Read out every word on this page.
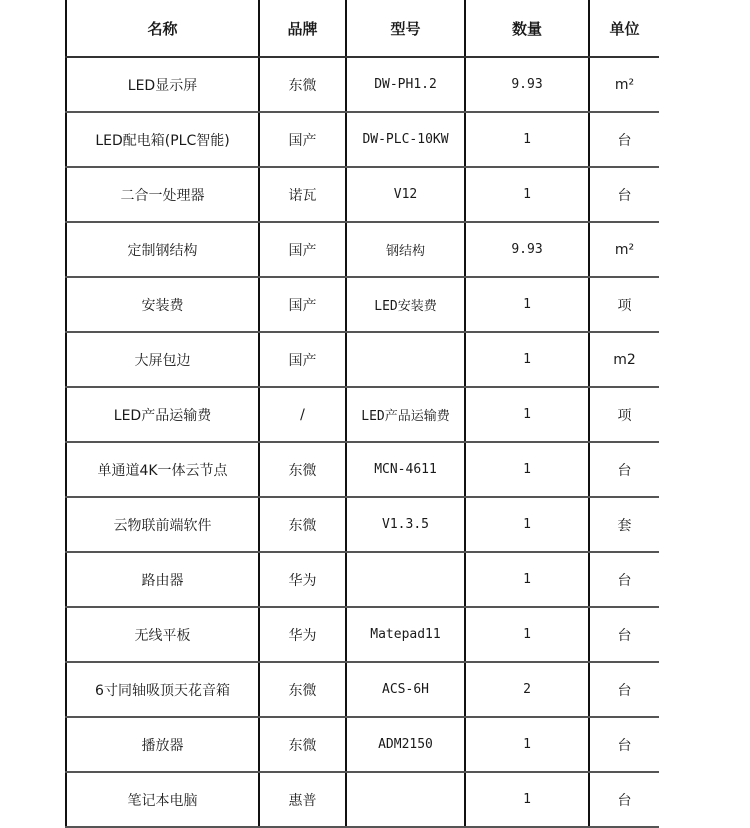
名称	品牌	型号	数量	单位
LED显示屏	东微	DW-PH1.2	9.93	m²
LED配电箱(PLC智能)	国产	DW-PLC-10KW	1	台
二合一处理器	诺瓦	V12	1	台
定制钢结构	国产	钢结构	9.93	m²
安装费	国产	LED安装费	1	项
大屏包边	国产		1	m2
LED产品运输费	/	LED产品运输费	1	项
单通道4K一体云节点	东微	MCN-4611	1	台
云物联前端软件	东微	V1.3.5	1	套
路由器	华为		1	台
无线平板	华为	Matepad11	1	台
6寸同轴吸顶天花音箱	东微	ACS-6H	2	台
播放器	东微	ADM2150	1	台
笔记本电脑	惠普		1	台
